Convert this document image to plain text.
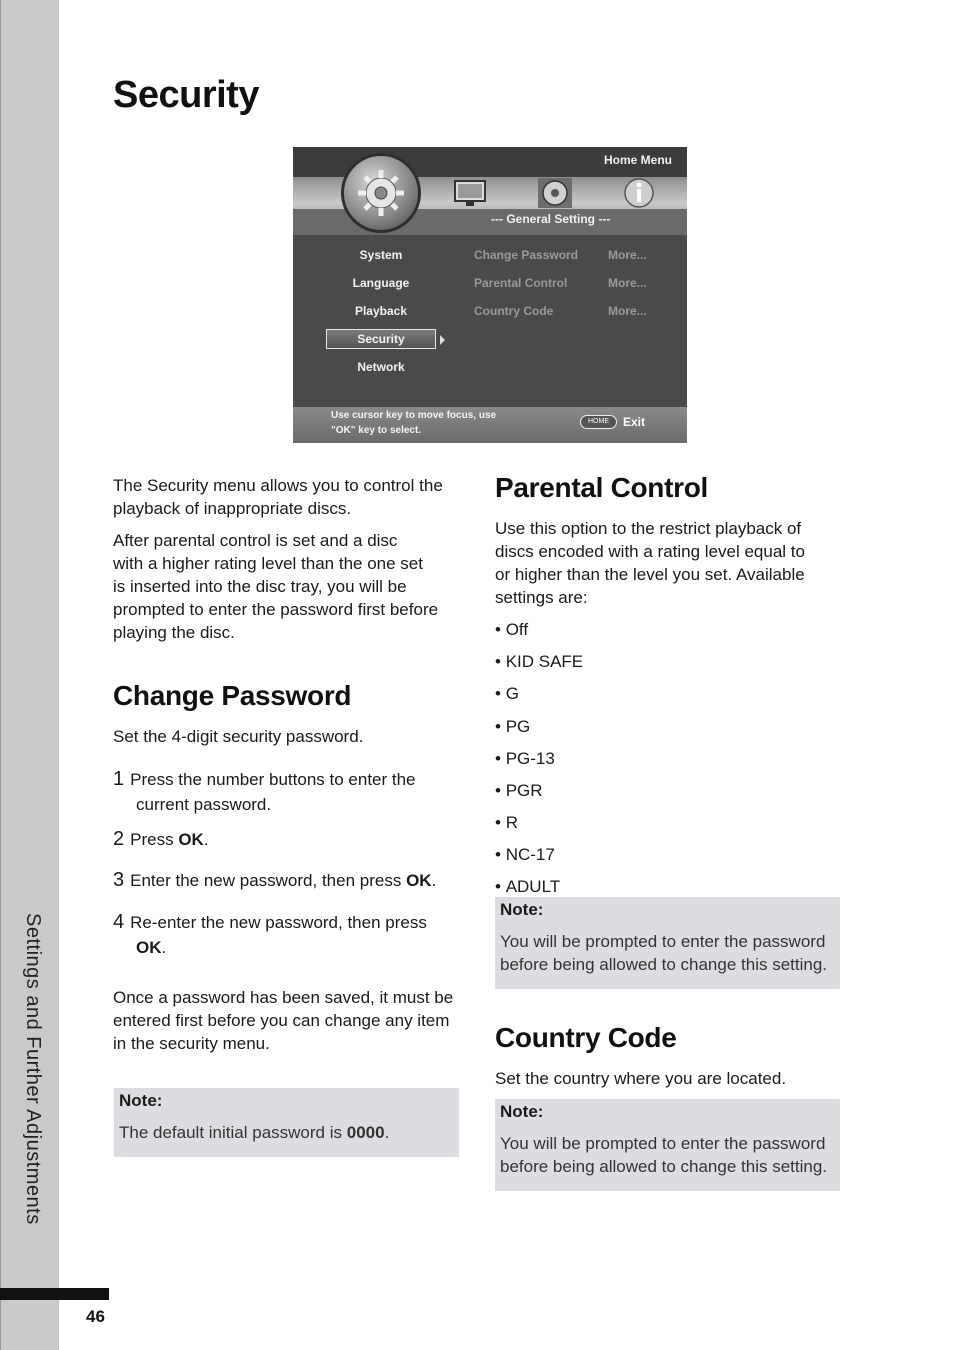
Settings and Further Adjustments
46
Security
Home Menu
--- General Setting ---
System
Language
Playback
Security
Network
Change Password
Parental Control
Country Code
More...
More...
More...
Use cursor key to move focus, use
"OK" key to select.
HOME	Exit
The Security menu allows you to control the
playback of inappropriate discs.
After parental control is set and a disc
with a higher rating level than the one set
is inserted into the disc tray, you will be
prompted to enter the password first before
playing the disc.
Change Password
Set the 4-digit security password.
1 Press the number buttons to enter the
current password.
2 Press OK.
3 Enter the new password, then press OK.
4 Re-enter the new password, then press
OK.
Once a password has been saved, it must be
entered first before you can change any item
in the security menu.
Note:
The default initial password is 0000.
Parental Control
Use this option to the restrict playback of
discs encoded with a rating level equal to
or higher than the level you set. Available
settings are:
• Off
• KID SAFE
• G
• PG
• PG-13
• PGR
• R
• NC-17
• ADULT
Note:
You will be prompted to enter the password
before being allowed to change this setting.
Country Code
Set the country where you are located.
Note:
You will be prompted to enter the password
before being allowed to change this setting.
